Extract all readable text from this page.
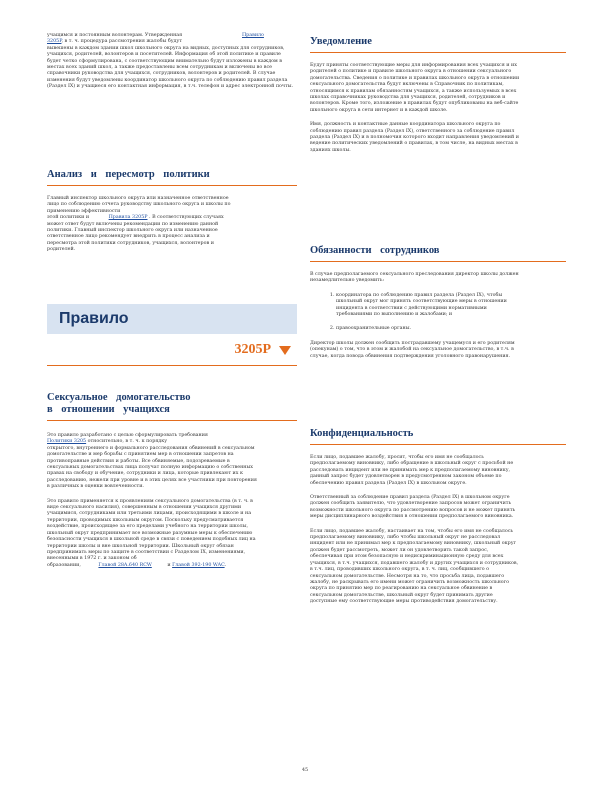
учащимся и постоянным волонтерам. Утвержденная	Правило

3205P, в т. ч. процедура рассмотрения жалобы будут

вывешены в каждом здании школ школьного округа на видных, доступных для сотрудников, учащихся, родителей, волонтеров и посетителей. Информация об этой политике и правиле будет четко сформулирована, с соответствующим внимательно будут изложены в каждом в местах всех зданий школ, а также предоставлены всем сотрудникам и включены во все справочники руководства для учащихся, сотрудников, волонтеров и родителей. В случае изменения будут уведомлены координатор школьного округа по соблюдению правил раздела (Раздел IX) и учащиеся его контактная информация, в т.ч. телефон и адрес электронной почты.

Анализ и пересмотр политики

Главный инспектор школьного округа или назначенное ответственное лицо по соблюдению отчета руководству школьного округа и школы по применению эффективности

этой политики и	Правила 3205P . В соответствующих случаях

может ответ будут включены рекомендации по изменению данной политики. Главный инспектор школьного округа или назначенное ответственное лицо рекомендует внедрить в процесс анализа и пересмотра этой политики сотрудников, учащихся, волонтеров и родителей.

Правило
3205P
Сексуальное домогательство
в отношении учащихся

Это правило разработано с целью сформулировать требования

Политики 3205 относительно, в т. ч. к порядку

открытого, внутреннего и формального расследования обвинений в сексуальном домогательстве и мер борьбы с принятием мер в отношении запретов на противоправные действия и работы. Все обвиняемые, подозреваемые в сексуальных домогательствах лица получат полную информацию о собственных правах на свободу и обучение, сотрудники и лица, которые привлекают их к расследованию, нежели при уровне и в этих целях все участники при повторения в различных в оценки вовлеченности.

Это правило применяется к проявлениям сексуального домогательства (в т. ч. в виде сексуального насилия), совершенным в отношении учащихся другими учащимися, сотрудниками или третьими лицами, происходящими в школе и на территории, проводимых школьным округом. Поскольку предусматривается воздействие, происходящее за его пределами учебного на территории школы, школьный округ предпринимает все возможные разумные меры к обеспечению безопасности учащихся в школьной среде в связи с поведением подобных лиц на территории школы и вне школьной территории. Школьный округ обязан предпринимать меры по защите в соответствии с Разделом IX, изменениями, внесенными в 1972 г. и законом об

образовании,	Главой 28A.640 RCW	и Главой 392-190 WAC.

Уведомление

Будут приняты соответствующие меры для информирования всех учащихся и их родителей о политике и правиле школьного округа в отношении сексуального домогательства. Сведения о политике и правилах школьного округа в отношении сексуального домогательства будут включены в Справочник по политикам, относящимся к правилам обязанностям учащихся, а также используемых в всех школах справочниках руководства для учащихся, родителей, сотрудников и волонтеров. Кроме того, изложение в правилах будут опубликованы на веб-сайте школьного округа в сети интернет и в каждой школе.

Имя, должность и контактные данные координатора школьного округа по соблюдению правил раздела (Раздел IX), ответственного за соблюдение правил раздела (Раздел IX) и в полномочия которого входит направления уведомлений и ведение политических уведомлений о правилах, в том числе, на видных местах в зданиях школы.

Обязанности сотрудников

В случае предполагаемого сексуального преследования директор школы должен незамедлительно уведомить:

1. координатора по соблюдению правил раздела (Раздел IX), чтобы школьный округ мог принять соответствующие меры в отношении инцидента в соответствии с действующими нормативными требованиями по выполнению и жалобами; и
2. правоохранительные органы.

Директор школы должен сообщить пострадавшему учащемуся и его родителям (опекунам) о том, что в этом и жалобой на сексуальное домогательство, в т.ч. в случае, когда повода обвинения подтверждения уголовного правонарушения.

Конфиденциальность

Если лицо, подавшее жалобу, просит, чтобы его имя не сообщалось предполагаемому виновнику, либо обращение в школьный округ с просьбой не расследовать инцидент или не принимать мер к предполагаемому виновнику, данный запрос будет удовлетворен в предусмотренном законом объеме по обеспечению правил раздела (Раздел IX) в школьном округе.

Ответственный за соблюдение правил раздела (Раздел IX) в школьном округе должен сообщить заявителю, что удовлетворение запросов может ограничить возможности школьного округа по рассмотрению вопросов и не может принять меры дисциплинарного воздействия в отношении предполагаемого виновника.

Если лицо, подавшее жалобу, настаивает на том, чтобы его имя не сообщалось предполагаемому виновнику, либо чтобы школьный округ не расследовал инцидент или не принимал мер к предполагаемому виновнику, школьный округ должен будет рассмотреть, может ли он удовлетворить такой запрос, обеспечивая при этом безопасную и недискриминационную среду для всех учащихся, в т.ч. учащихся, подавшего жалобу и других учащихся и сотрудников, в т.ч. лиц, проводивших школьного округа, в т. ч. лиц, сообщившего о сексуальном домогательстве. Несмотря на то, что просьба лица, подавшего жалобу, не раскрывать его имени может ограничить возможность школьного округа по принятию мер по реагированию на сексуальное обвинение в сексуальном домогательстве, школьный округ будет принимать другие доступные ему соответствующие меры противодействия домогательству.

45
